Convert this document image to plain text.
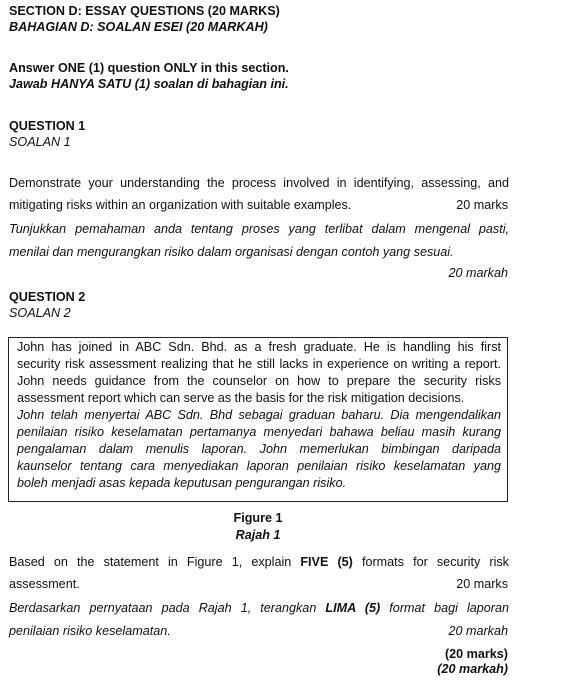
SECTION D: ESSAY QUESTIONS (20 MARKS)
BAHAGIAN D: SOALAN ESEI (20 MARKAH)
Answer ONE (1) question ONLY in this section.
Jawab HANYA SATU (1) soalan di bahagian ini.
QUESTION 1
SOALAN 1
Demonstrate your understanding the process involved in identifying, assessing, and
mitigating risks within an organization with suitable examples.	20 marks
Tunjukkan pemahaman anda tentang proses yang terlibat dalam mengenal pasti,
menilai dan mengurangkan risiko dalam organisasi dengan contoh yang sesuai.
20 markah
QUESTION 2
SOALAN 2
John has joined in ABC Sdn. Bhd. as a fresh graduate. He is handling his first
security risk assessment realizing that he still lacks in experience on writing a report.
John needs guidance from the counselor on how to prepare the security risks
assessment report which can serve as the basis for the risk mitigation decisions.
John telah menyertai ABC Sdn. Bhd sebagai graduan baharu. Dia mengendalikan
penilaian risiko keselamatan pertamanya menyedari bahawa beliau masih kurang
pengalaman dalam menulis laporan. John memerlukan bimbingan daripada
kaunselor tentang cara menyediakan laporan penilaian risiko keselamatan yang
boleh menjadi asas kepada keputusan pengurangan risiko.
Figure 1
Rajah 1
Based on the statement in Figure 1, explain FIVE (5) formats for security risk
assessment.	20 marks
Berdasarkan pernyataan pada Rajah 1, terangkan LIMA (5) format bagi laporan
penilaian risiko keselamatan.	20 markah
(20 marks)
(20 markah)
